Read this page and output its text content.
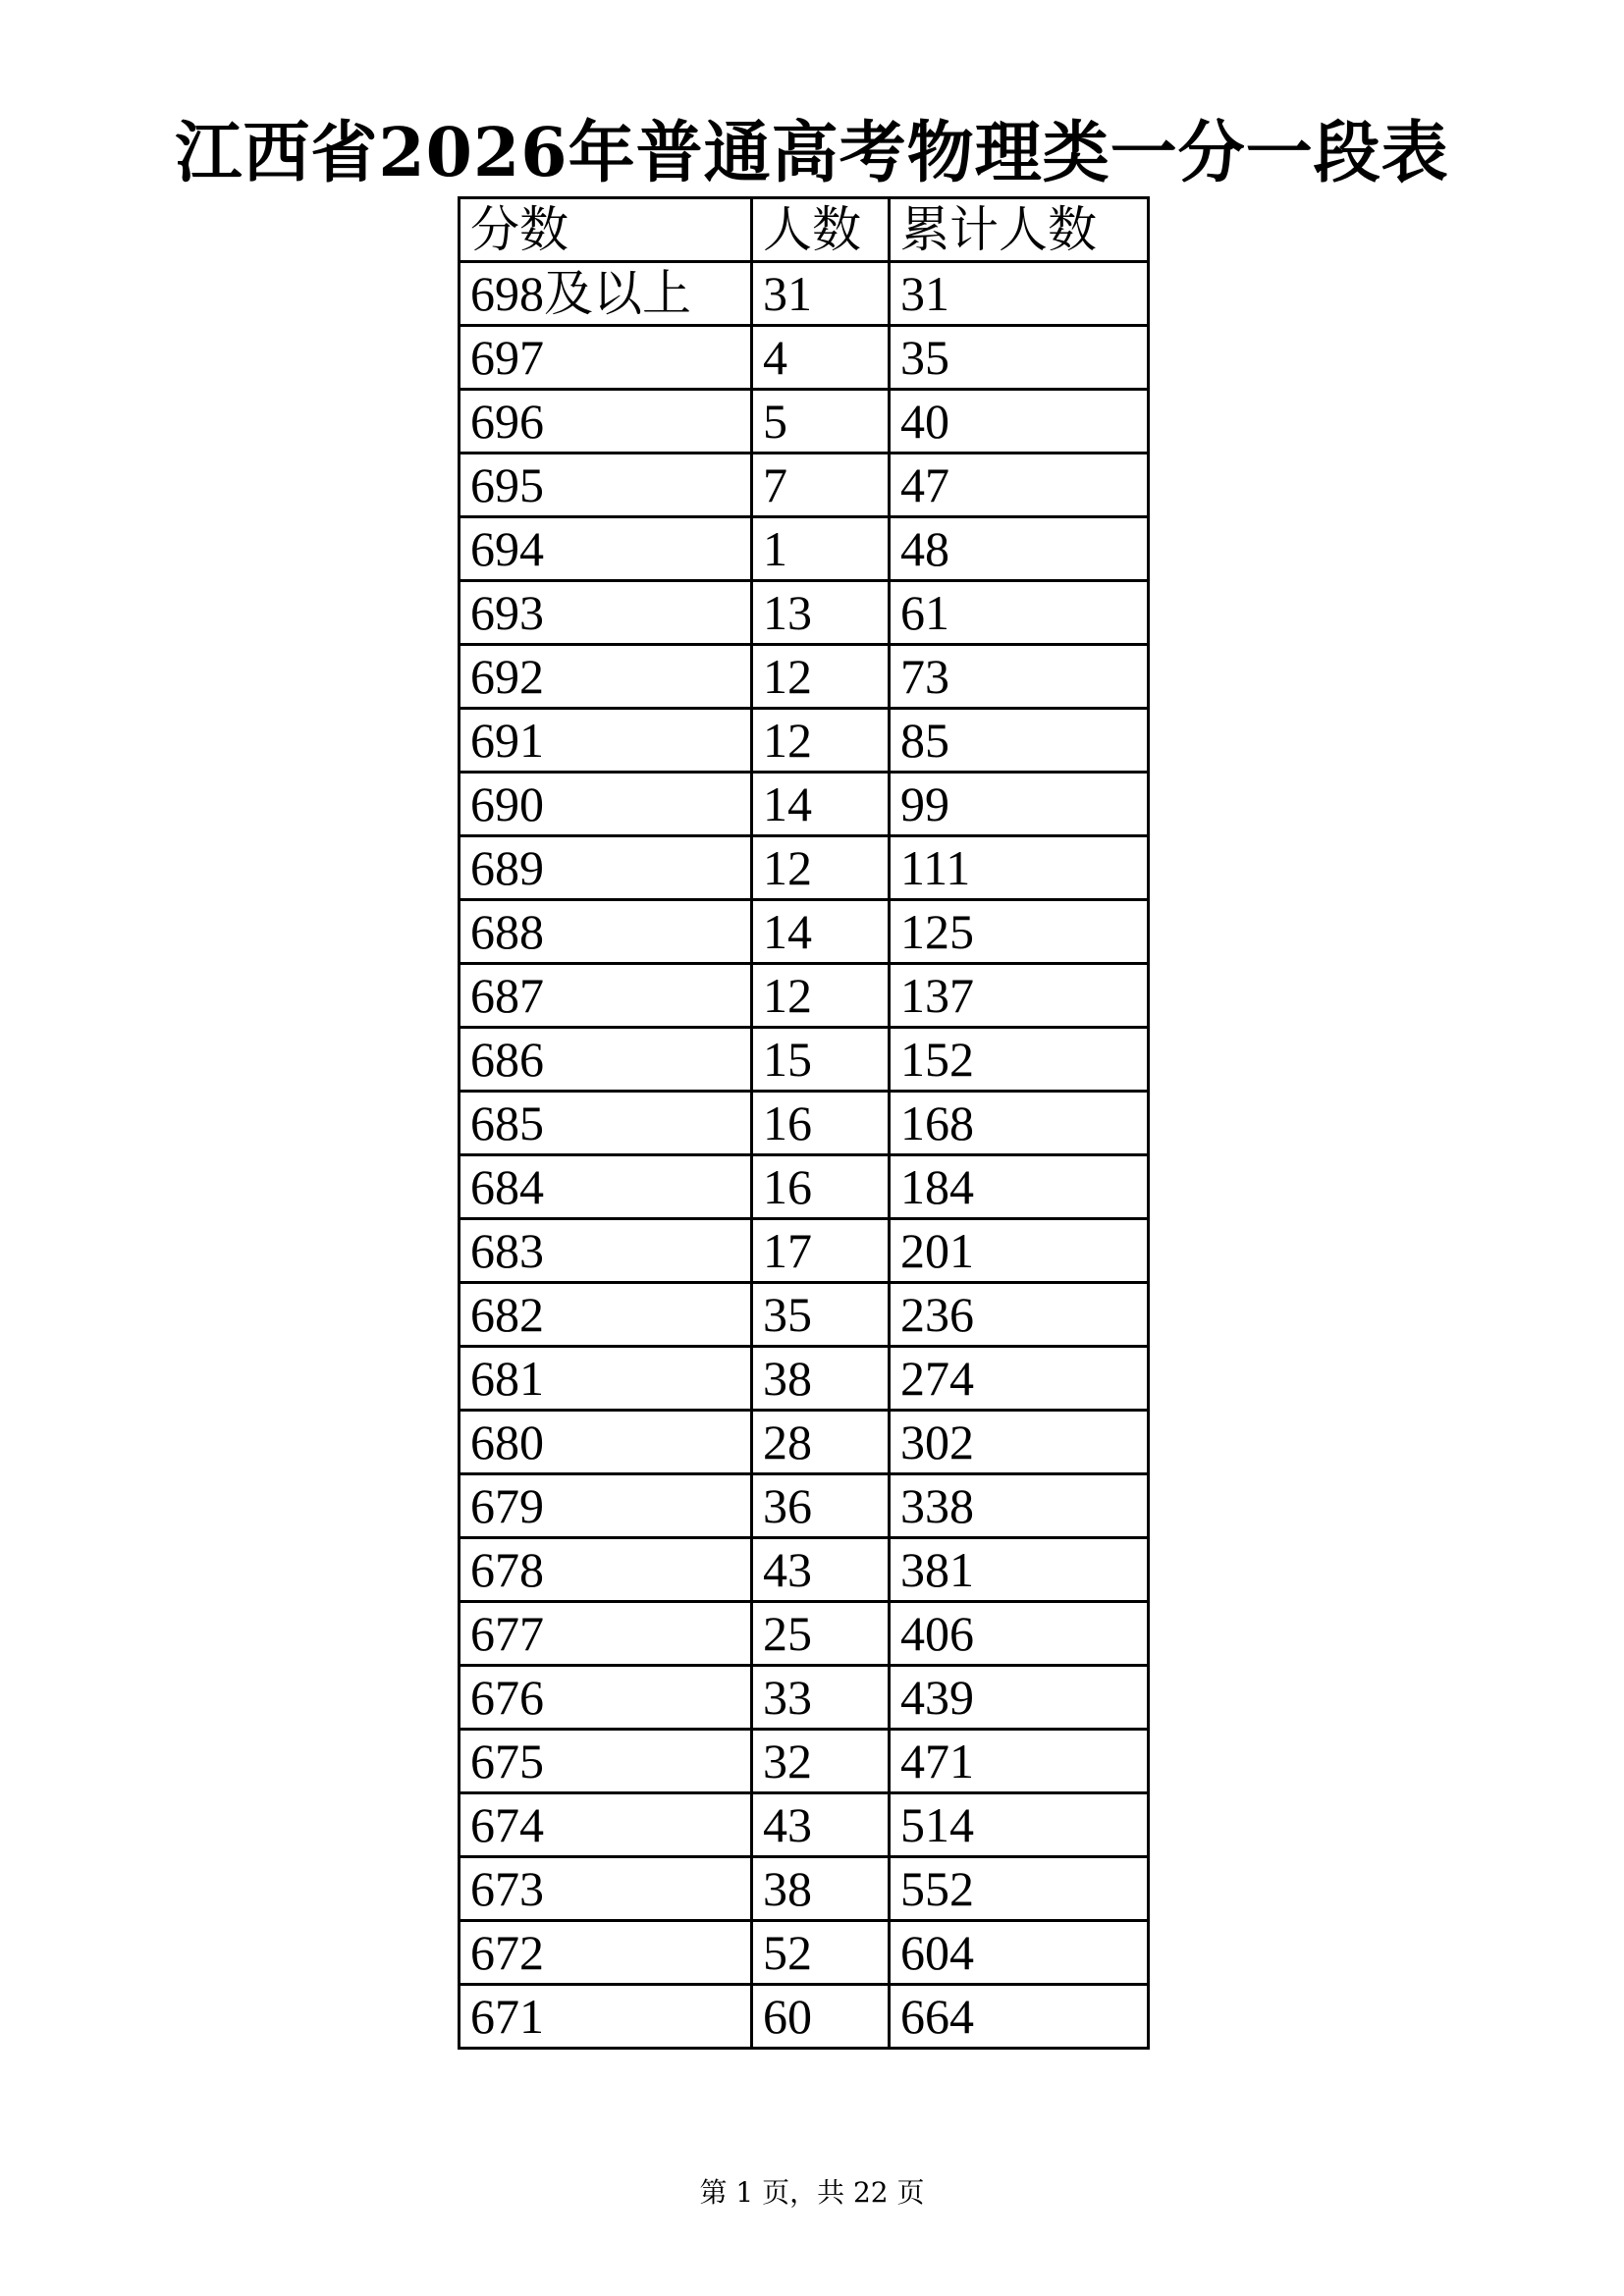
江西省2026年普通高考物理类一分一段表
分数	人数	累计人数
698及以上	31	31
697	4	35
696	5	40
695	7	47
694	1	48
693	13	61
692	12	73
691	12	85
690	14	99
689	12	111
688	14	125
687	12	137
686	15	152
685	16	168
684	16	184
683	17	201
682	35	236
681	38	274
680	28	302
679	36	338
678	43	381
677	25	406
676	33	439
675	32	471
674	43	514
673	38	552
672	52	604
671	60	664
第 1 页，共 22 页
